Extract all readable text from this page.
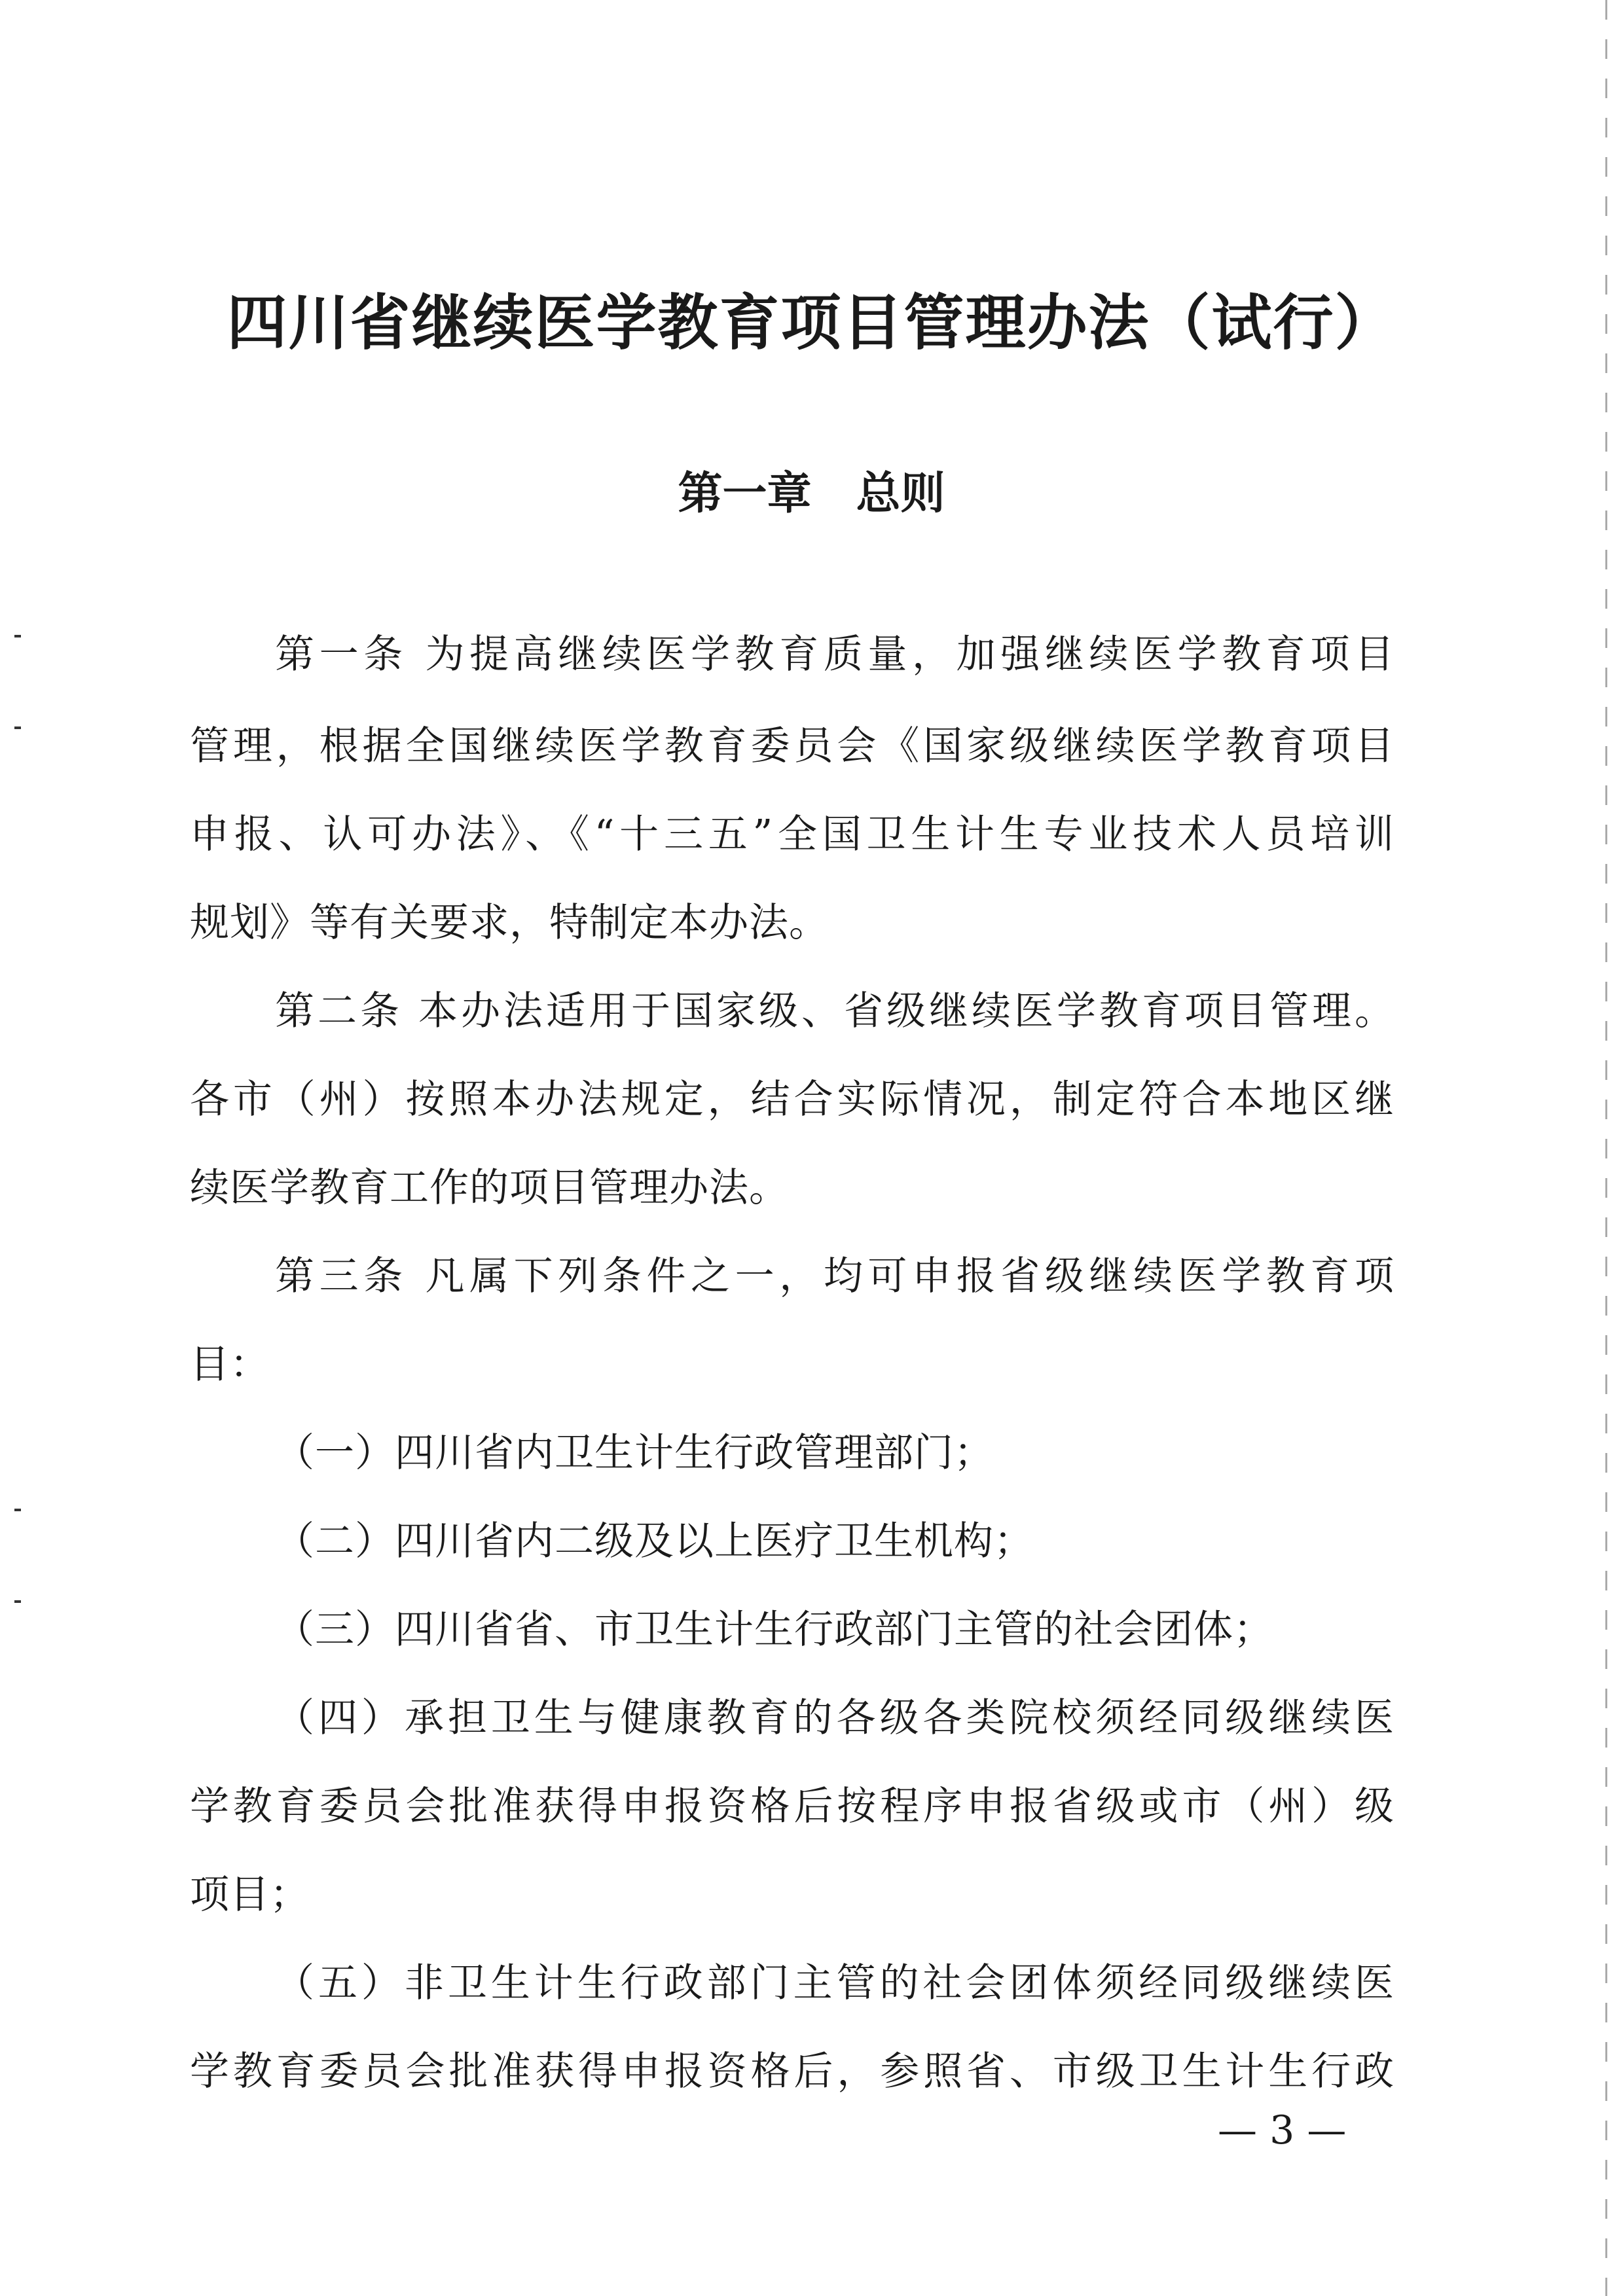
四川省继续医学教育项目管理办法（试行）
第一章　总则
第一条 为提高继续医学教育质量，加强继续医学教育项目
管理，根据全国继续医学教育委员会《国家级继续医学教育项目
申报、认可办法》、《“十三五”全国卫生计生专业技术人员培训
规划》等有关要求，特制定本办法。
第二条 本办法适用于国家级、省级继续医学教育项目管理。
各市（州）按照本办法规定，结合实际情况，制定符合本地区继
续医学教育工作的项目管理办法。
第三条 凡属下列条件之一，均可申报省级继续医学教育项
目：
（一）四川省内卫生计生行政管理部门；
（二）四川省内二级及以上医疗卫生机构；
（三）四川省省、市卫生计生行政部门主管的社会团体；
（四）承担卫生与健康教育的各级各类院校须经同级继续医
学教育委员会批准获得申报资格后按程序申报省级或市（州）级
项目；
（五）非卫生计生行政部门主管的社会团体须经同级继续医
学教育委员会批准获得申报资格后，参照省、市级卫生计生行政
— 3 —
